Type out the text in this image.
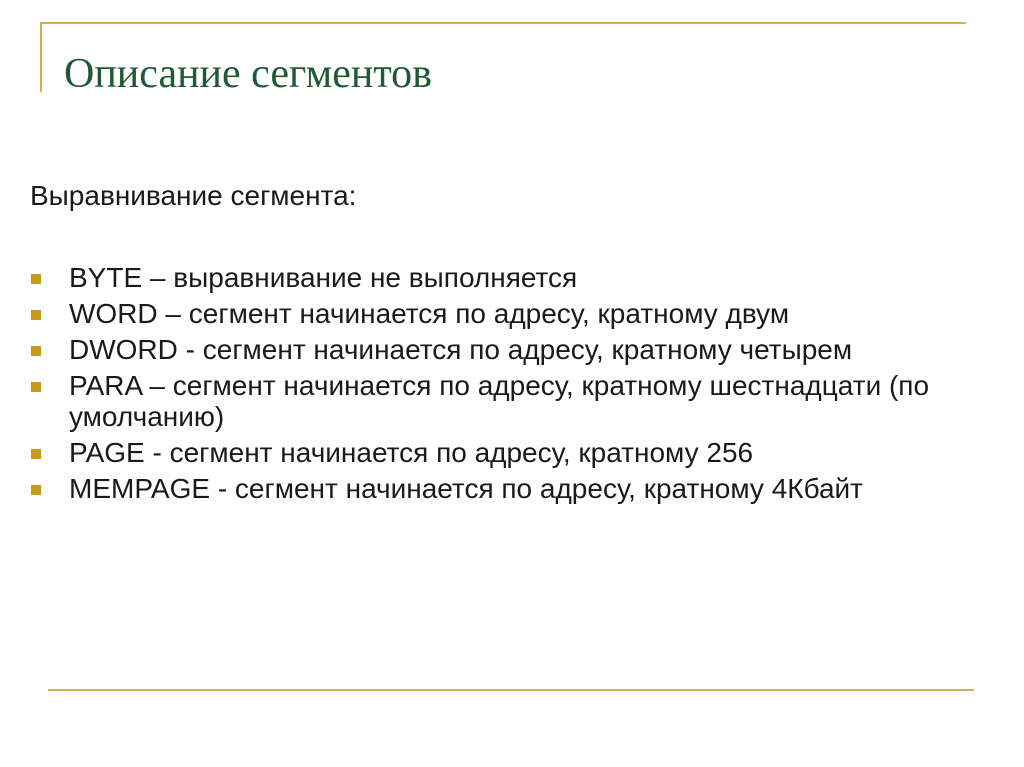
Описание сегментов

Выравнивание сегмента:

BYTE – выравнивание не выполняется
WORD – сегмент начинается по адресу, кратному двум
DWORD - сегмент начинается по адресу, кратному четырем
PARA – сегмент начинается по адресу, кратному шестнадцати (по умолчанию)
PAGE - сегмент начинается по адресу, кратному 256
MEMPAGE - сегмент начинается по адресу, кратному 4Кбайт
